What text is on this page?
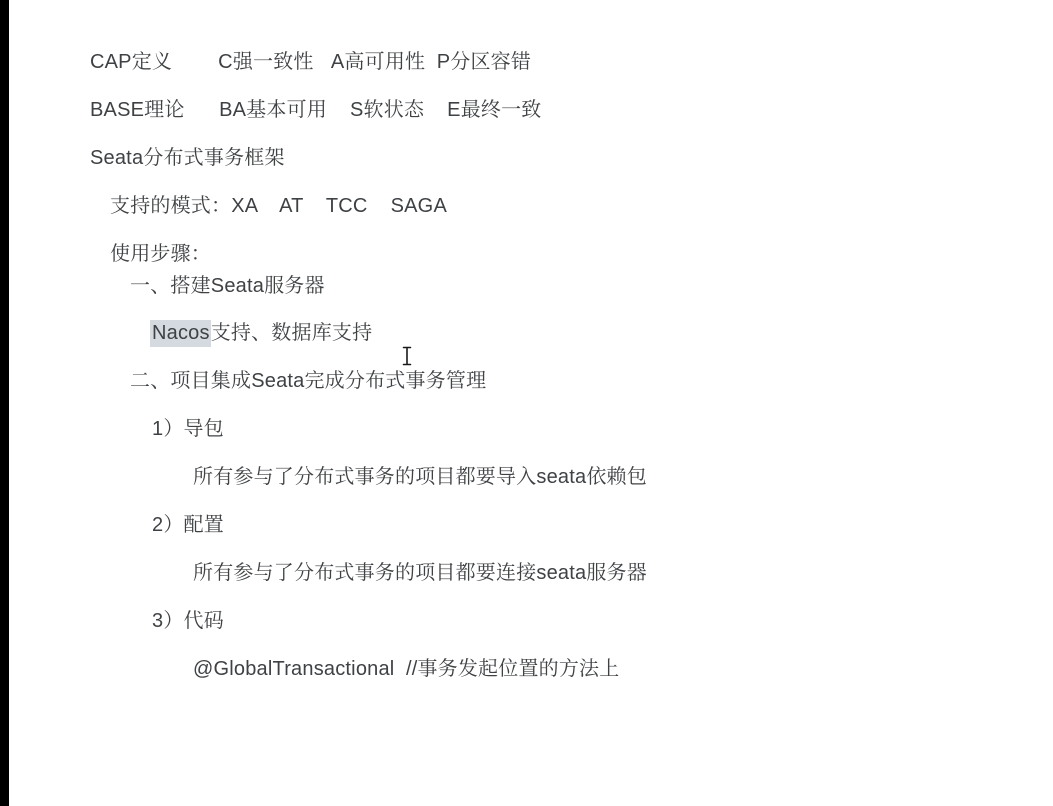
CAP定义        C强一致性   A高可用性  P分区容错
BASE理论      BA基本可用    S软状态    E最终一致
Seata分布式事务框架
支持的模式：XA    AT    TCC    SAGA
使用步骤：
一、搭建Seata服务器
Nacos支持、数据库支持
二、项目集成Seata完成分布式事务管理
1）导包
所有参与了分布式事务的项目都要导入seata依赖包
2）配置
所有参与了分布式事务的项目都要连接seata服务器
3）代码
@GlobalTransactional  //事务发起位置的方法上
